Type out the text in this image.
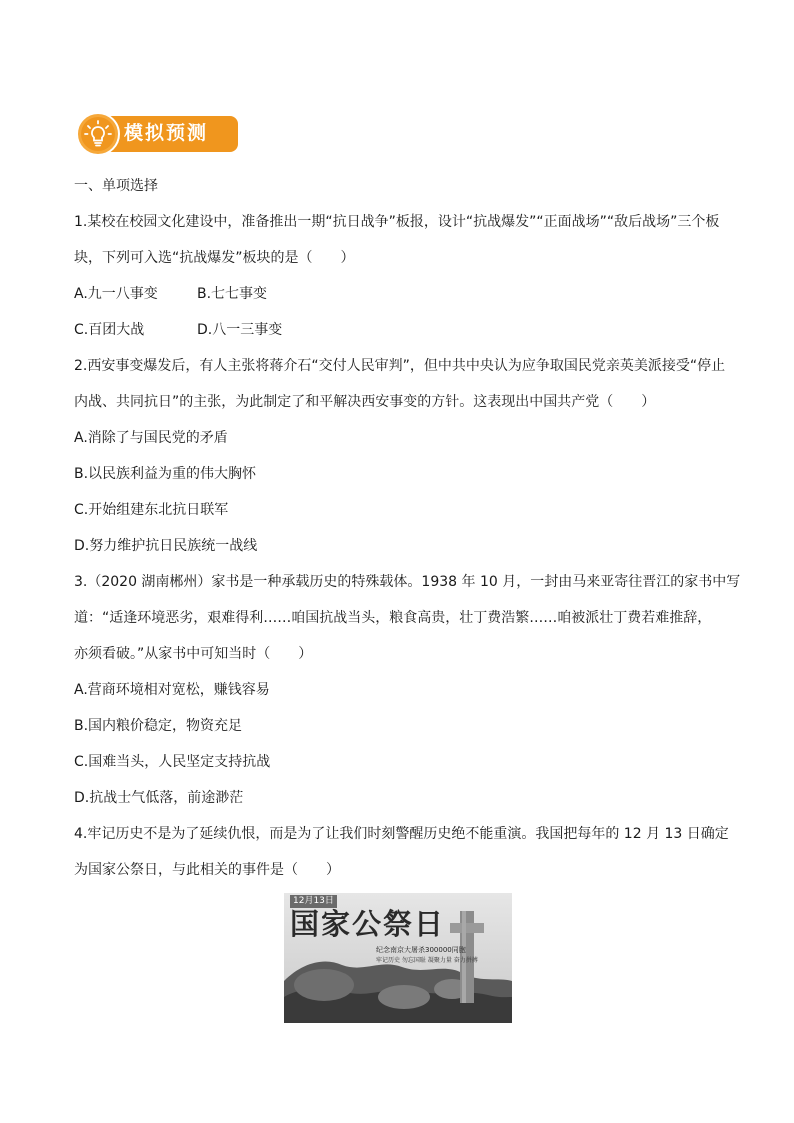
模拟预测
一、单项选择
1.某校在校园文化建设中，准备推出一期“抗日战争”板报，设计“抗战爆发”“正面战场”“敌后战场”三个板
块，下列可入选“抗战爆发”板块的是（　　）
A.九一八事变	B.七七事变
C.百团大战	D.八一三事变
2.西安事变爆发后，有人主张将蒋介石“交付人民审判”，但中共中央认为应争取国民党亲英美派接受“停止
内战、共同抗日”的主张，为此制定了和平解决西安事变的方针。这表现出中国共产党（　　）
A.消除了与国民党的矛盾
B.以民族利益为重的伟大胸怀
C.开始组建东北抗日联军
D.努力维护抗日民族统一战线
3.（2020 湖南郴州）家书是一种承载历史的特殊载体。1938 年 10 月，一封由马来亚寄往晋江的家书中写
道：“适逢环境恶劣，艰难得利……咱国抗战当头，粮食高贵，壮丁费浩繁……咱被派壮丁费若难推辞，
亦须看破。”从家书中可知当时（　　）
A.营商环境相对宽松，赚钱容易
B.国内粮价稳定，物资充足
C.国难当头，人民坚定支持抗战
D.抗战士气低落，前途渺茫
4.牢记历史不是为了延续仇恨，而是为了让我们时刻警醒历史绝不能重演。我国把每年的 12 月 13 日确定
为国家公祭日，与此相关的事件是（　　）
12月13日
国家公祭日
纪念南京大屠杀300000同胞
牢记历史 勿忘国耻 凝聚力量 奋力拼搏
